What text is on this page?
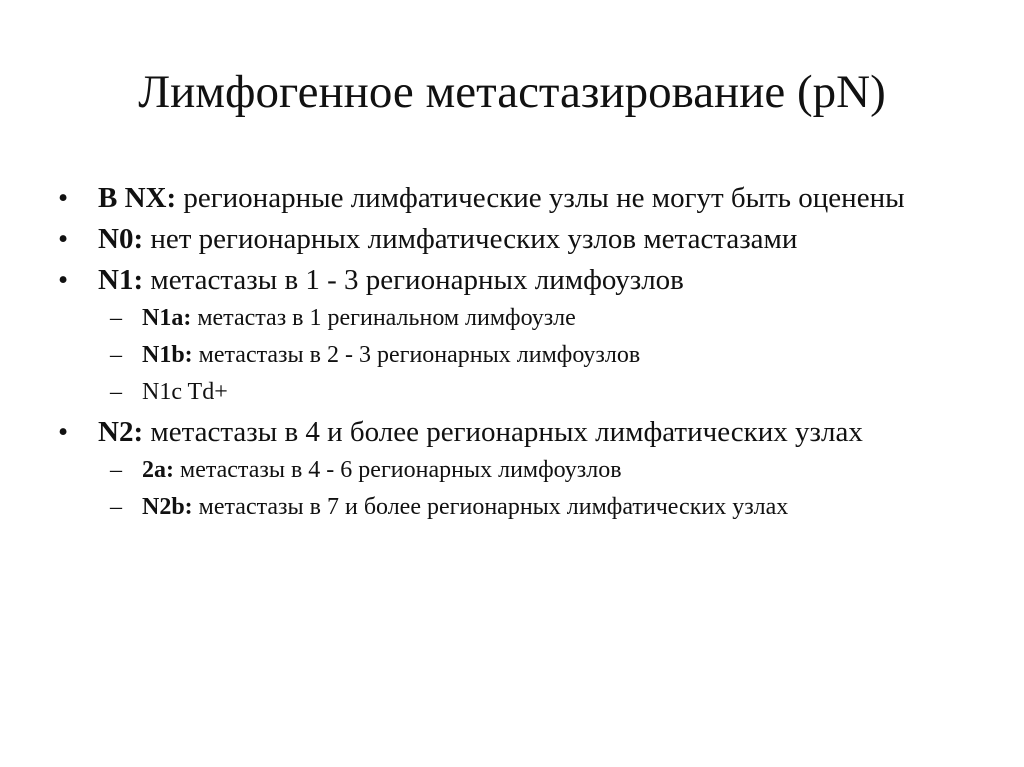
Лимфогенное метастазирование (pN)
• В NX: регионарные лимфатические узлы не могут быть оценены
• N0: нет регионарных лимфатических узлов метастазами
• N1: метастазы в 1 - 3 регионарных лимфоузлов
– N1a: метастаз в 1 регинальном лимфоузле
– N1b: метастазы в 2 - 3 регионарных лимфоузлов
– N1c Td+
• N2: метастазы в 4 и более регионарных лимфатических узлах
– 2a: метастазы в 4 - 6 регионарных лимфоузлов
– N2b: метастазы в 7 и более регионарных лимфатических узлах
